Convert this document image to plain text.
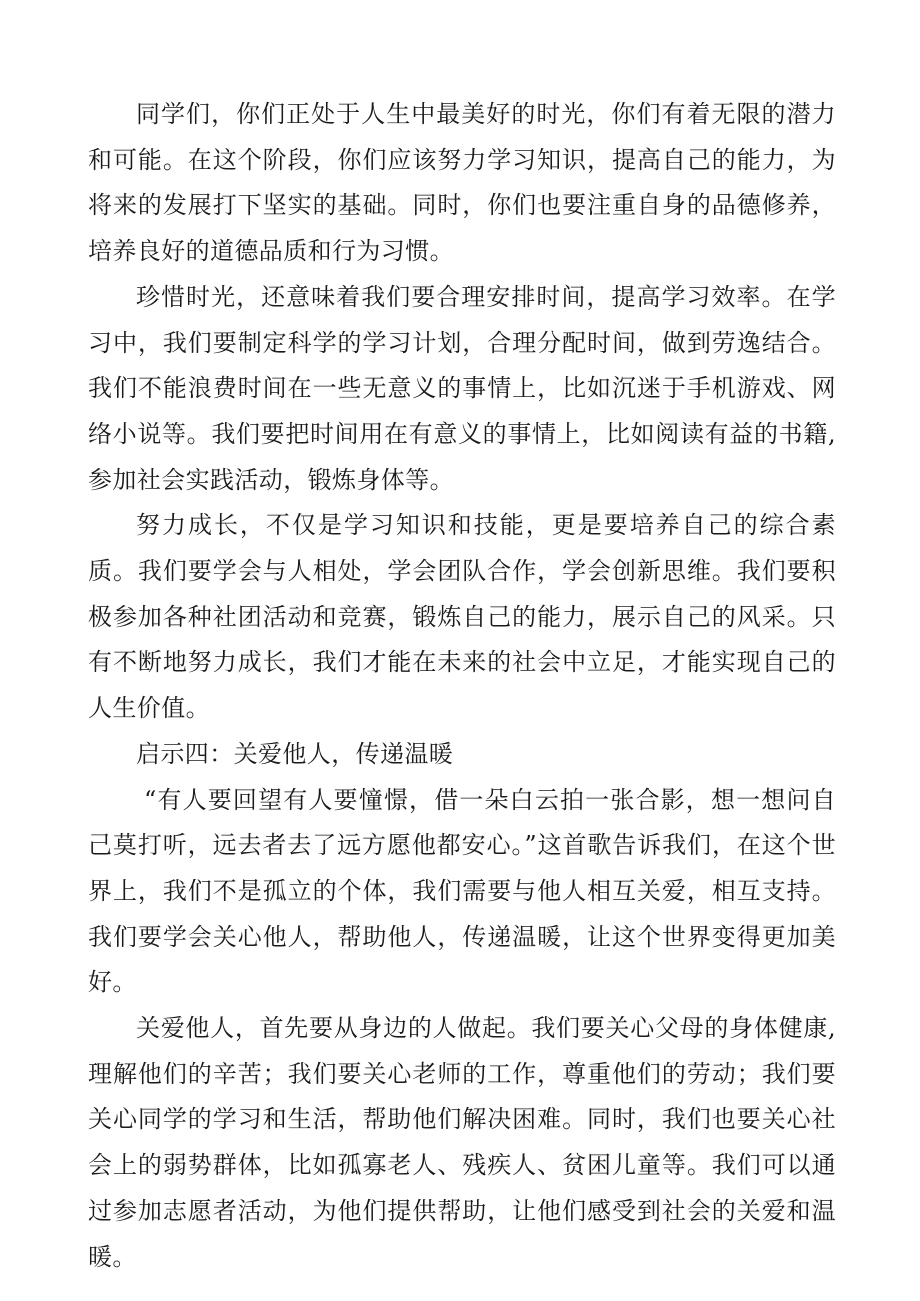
同学们，你们正处于人生中最美好的时光，你们有着无限的潜力和可能。在这个阶段，你们应该努力学习知识，提高自己的能力，为将来的发展打下坚实的基础。同时，你们也要注重自身的品德修养，培养良好的道德品质和行为习惯。

珍惜时光，还意味着我们要合理安排时间，提高学习效率。在学习中，我们要制定科学的学习计划，合理分配时间，做到劳逸结合。我们不能浪费时间在一些无意义的事情上，比如沉迷于手机游戏、网络小说等。我们要把时间用在有意义的事情上，比如阅读有益的书籍,参加社会实践活动，锻炼身体等。

努力成长，不仅是学习知识和技能，更是要培养自己的综合素质。我们要学会与人相处，学会团队合作，学会创新思维。我们要积极参加各种社团活动和竞赛，锻炼自己的能力，展示自己的风采。只有不断地努力成长，我们才能在未来的社会中立足，才能实现自己的人生价值。

启示四：关爱他人，传递温暖

“有人要回望有人要憧憬，借一朵白云拍一张合影，想一想问自己莫打听，远去者去了远方愿他都安心。”这首歌告诉我们，在这个世界上，我们不是孤立的个体，我们需要与他人相互关爱，相互支持。我们要学会关心他人，帮助他人，传递温暖，让这个世界变得更加美好。

关爱他人，首先要从身边的人做起。我们要关心父母的身体健康,理解他们的辛苦；我们要关心老师的工作，尊重他们的劳动；我们要关心同学的学习和生活，帮助他们解决困难。同时，我们也要关心社会上的弱势群体，比如孤寡老人、残疾人、贫困儿童等。我们可以通过参加志愿者活动，为他们提供帮助，让他们感受到社会的关爱和温暖。
